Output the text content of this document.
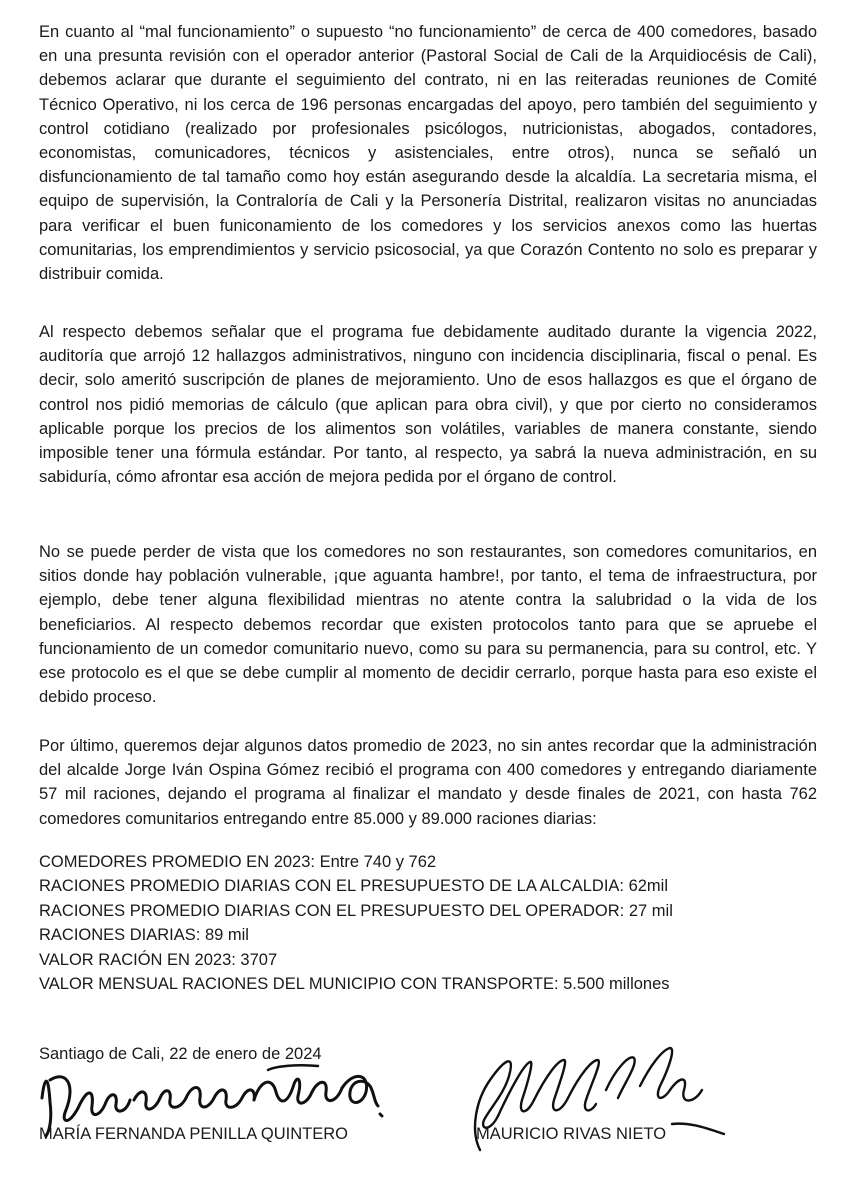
En cuanto al “mal funcionamiento” o supuesto “no funcionamiento” de cerca de 400 comedores, basado en una presunta revisión con el operador anterior (Pastoral Social de Cali de la Arquidiocésis de Cali), debemos aclarar que durante el seguimiento del contrato, ni en las reiteradas reuniones de Comité Técnico Operativo, ni los cerca de 196 personas encargadas del apoyo, pero también del seguimiento y control cotidiano (realizado por profesionales psicólogos, nutricionistas, abogados, contadores, economistas, comunicadores, técnicos y asistenciales, entre otros), nunca se señaló un disfuncionamiento de tal tamaño como hoy están asegurando desde la alcaldía. La secretaria misma, el equipo de supervisión, la Contraloría de Cali y la Personería Distrital, realizaron visitas no anunciadas para verificar el buen funiconamiento de los comedores y los servicios anexos como las huertas comunitarias, los emprendimientos y servicio psicosocial, ya que Corazón Contento no solo es preparar y distribuir comida.

Al respecto debemos señalar que el programa fue debidamente auditado durante la vigencia 2022, auditoría que arrojó 12 hallazgos administrativos, ninguno con incidencia disciplinaria, fiscal o penal. Es decir, solo ameritó suscripción de planes de mejoramiento. Uno de esos hallazgos es que el órgano de control nos pidió memorias de cálculo (que aplican para obra civil), y que por cierto no consideramos aplicable porque los precios de los alimentos son volátiles, variables de manera constante, siendo imposible tener una fórmula estándar. Por tanto, al respecto, ya sabrá la nueva administración, en su sabiduría, cómo afrontar esa acción de mejora pedida por el órgano de control.

No se puede perder de vista que los comedores no son restaurantes, son comedores comunitarios, en sitios donde hay población vulnerable, ¡que aguanta hambre!, por tanto, el tema de infraestructura, por ejemplo, debe tener alguna flexibilidad mientras no atente contra la salubridad o la vida de los beneficiarios. Al respecto debemos recordar que existen protocolos tanto para que se apruebe el funcionamiento de un comedor comunitario nuevo, como su para su permanencia, para su control, etc. Y ese protocolo es el que se debe cumplir al momento de decidir cerrarlo, porque hasta para eso existe el debido proceso.

Por último, queremos dejar algunos datos promedio de 2023, no sin antes recordar que la administración del alcalde Jorge Iván Ospina Gómez recibió el programa con 400 comedores y entregando diariamente 57 mil raciones, dejando el programa al finalizar el mandato y desde finales de 2021, con hasta 762 comedores comunitarios entregando entre 85.000 y 89.000 raciones diarias:

COMEDORES PROMEDIO EN 2023: Entre 740 y 762
RACIONES PROMEDIO DIARIAS CON EL PRESUPUESTO DE LA ALCALDIA: 62mil
RACIONES PROMEDIO DIARIAS CON EL PRESUPUESTO DEL OPERADOR: 27 mil
RACIONES DIARIAS: 89 mil
VALOR RACIÓN EN 2023: 3707
VALOR MENSUAL RACIONES DEL MUNICIPIO CON TRANSPORTE: 5.500 millones
Santiago de Cali, 22 de enero de 2024
MARÍA FERNANDA PENILLA QUINTERO	MAURICIO RIVAS NIETO
